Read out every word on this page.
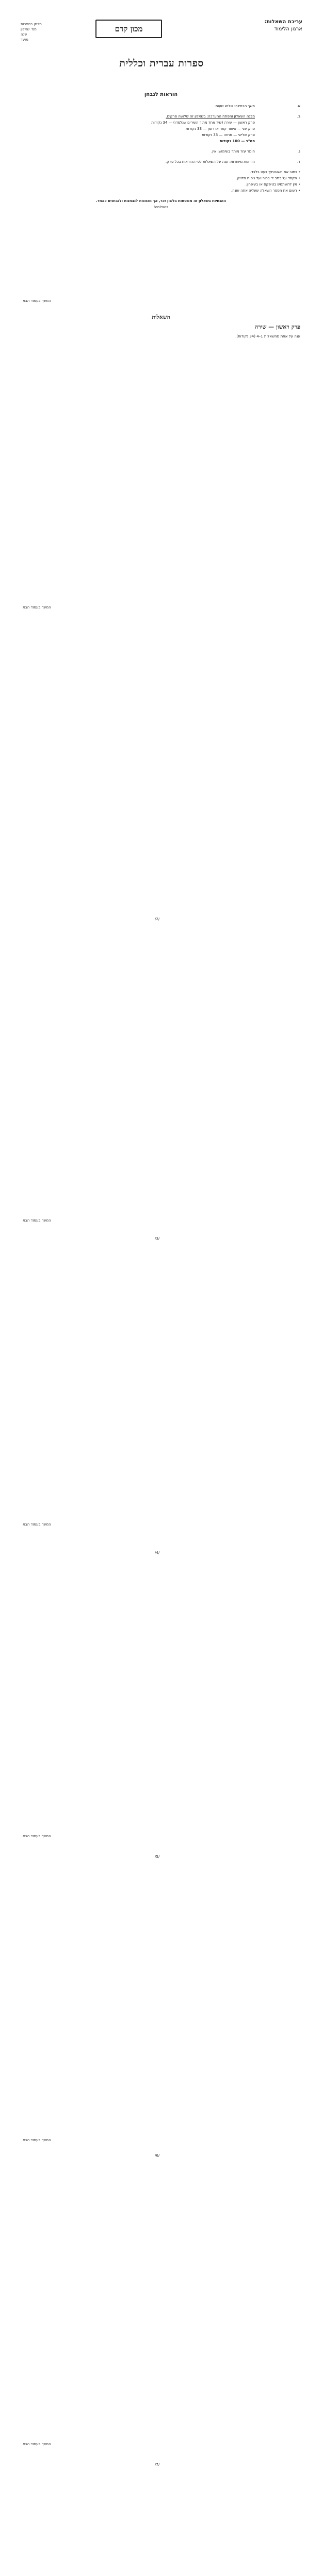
מכון קדם
עריכת השאלות:
ארגון הלימוד
מבחן בספרות
מס' שאלון
שנה
מועד
ספרות עברית וכללית
הוראות לנבחן
א.
משך הבחינה: שלוש שעות.
ב.
מבנה השאלון ומפתח ההערכה: בשאלון זה שלושה פרקים.
פרק ראשון — שירה (שיר אחד מתוך השירים שנלמדו) — 34 נקודות
פרק שני — סיפור קצר או רומן — 33 נקודות
פרק שלישי — מחזה — 33 נקודות
סה"כ — 100 נקודות
ג.
חומר עזר מותר בשימוש: אין.
ד.
הוראות מיוחדות: ענה על השאלות לפי ההוראות בכל פרק.
• כתוב את תשובותיך בעט בלבד.
• הקפד על כתב יד ברור ועל ניסוח מדויק.
• אין להשתמש בטיפקס או בעיפרון.
• רשום את מספר השאלה שעליה אתה עונה.
ההנחיות בשאלון זה מנוסחות בלשון זכר, אך מכוונות לנבחנות ולנבחנים כאחד.
בהצלחה!
השאלות
פרק ראשון — שירה
ענה על אחת מהשאלות 1–4 (34 נקודות).
המשך בעמוד הבא
המשך בעמוד הבא
/2/
המשך בעמוד הבא
/3/
המשך בעמוד הבא
/4/
המשך בעמוד הבא
/5/
המשך בעמוד הבא
/6/
המשך בעמוד הבא
/7/
